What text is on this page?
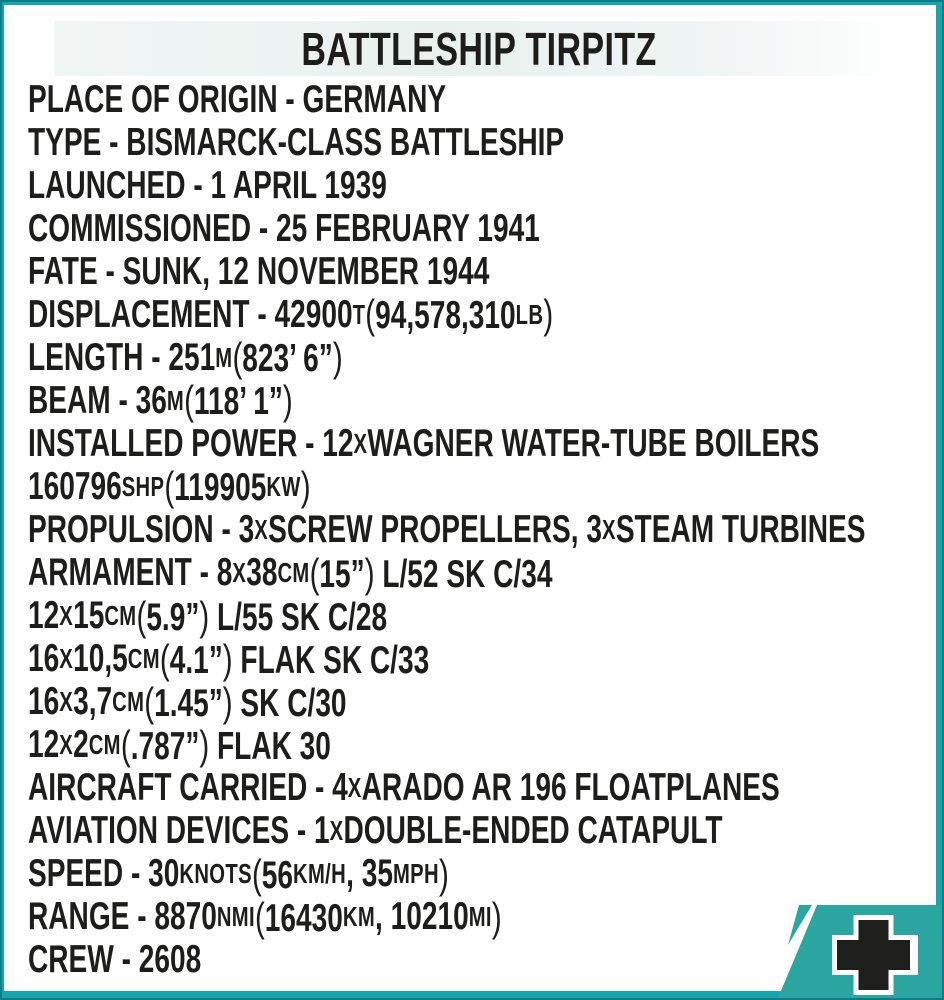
BATTLESHIP TIRPITZ
PLACE OF ORIGIN - GERMANY
TYPE - BISMARCK-CLASS BATTLESHIP
LAUNCHED - 1 APRIL 1939
COMMISSIONED - 25 FEBRUARY 1941
FATE - SUNK, 12 NOVEMBER 1944
DISPLACEMENT - 42900 T (94,578,310 LB )
LENGTH - 251 M (823’ 6”)
BEAM - 36 M (118’ 1”)
INSTALLED POWER - 12 X WAGNER WATER-TUBE BOILERS
160796 SHP (119905 KW )
PROPULSION - 3 X SCREW PROPELLERS, 3 X STEAM TURBINES
ARMAMENT - 8 X 38 CM (15”) L/52 SK C/34
12 X 15 CM (5.9”) L/55 SK C/28
16 X 10,5 CM (4.1”) FLAK SK C/33
16 X 3,7 CM (1.45”) SK C/30
12 X 2 CM (.787”) FLAK 30
AIRCRAFT CARRIED - 4 X ARADO AR 196 FLOATPLANES
AVIATION DEVICES - 1 X DOUBLE-ENDED CATAPULT
SPEED - 30 KNOTS (56 KM/H , 35 MPH )
RANGE - 8870 NMI (16430 KM , 10210 MI )
CREW - 2608
